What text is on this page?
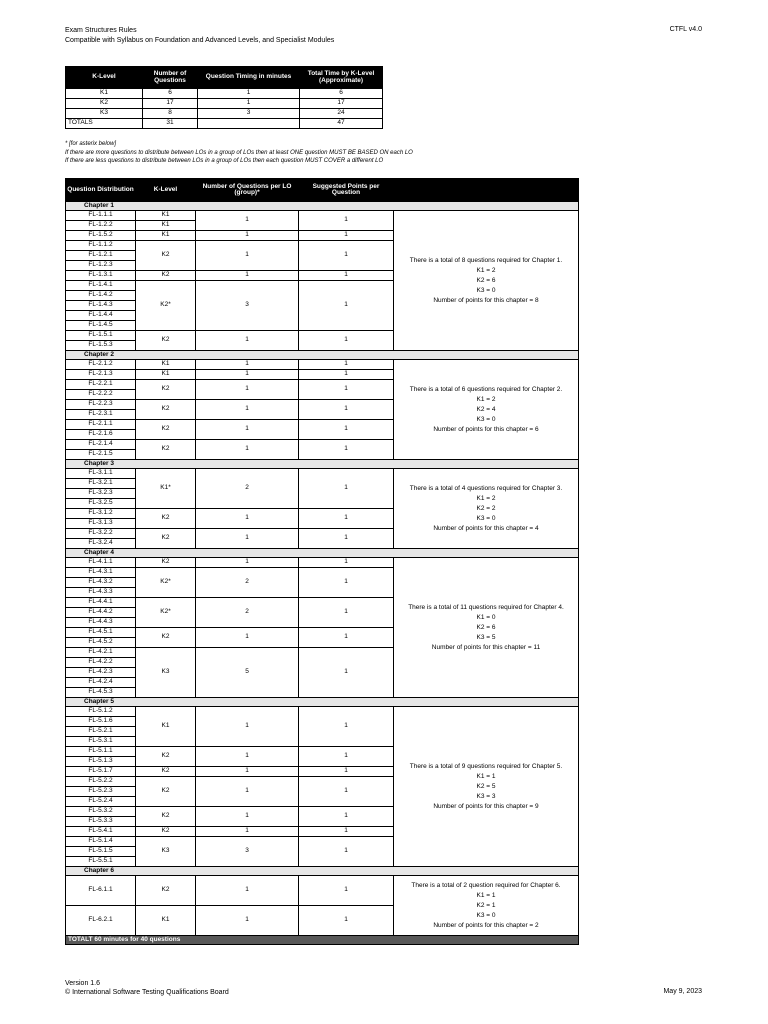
Exam Structures Rules
Compatible with Syllabus on Foundation and Advanced Levels, and Specialist Modules
CTFL v4.0
K-Level	Number of Questions	Question Timing in minutes	Total Time by K-Level (Approximate)
K1	6	1	6
K2	17	1	17
K3	8	3	24
TOTALS	31		47
* [for asterix below]
If there are more questions to distribute between LOs in a group of LOs then at least ONE question MUST BE BASED ON each LO
If there are less questions to distribute between LOs in a group of LOs then each question MUST COVER a different LO
Question Distribution	K-Level	Number of Questions per LO (group)*	Suggested Points per Question	
Chapter 1				
FL-1.1.1	K1	1	1	There is a total of 8 questions required for Chapter 1.
K1 = 2
K2 = 6
K3 = 0
Number of points for this chapter = 8

FL-1.2.2	K1			
FL-1.5.2	K1	1	1	
FL-1.1.2	K2	1	1	
FL-1.2.1				
FL-1.2.3				
FL-1.3.1	K2	1	1	
FL-1.4.1	K2*	3	1	
FL-1.4.2				
FL-1.4.3				
FL-1.4.4				
FL-1.4.5				
FL-1.5.1	K2	1	1	
FL-1.5.3				
Chapter 2				
FL-2.1.2	K1	1	1	There is a total of 6 questions required for Chapter 2.
K1 = 2
K2 = 4
K3 = 0
Number of points for this chapter = 6

FL-2.1.3	K1	1	1	
FL-2.2.1	K2	1	1	
FL-2.2.2				
FL-2.2.3	K2	1	1	
FL-2.3.1				
FL-2.1.1	K2	1	1	
FL-2.1.6				
FL-2.1.4	K2	1	1	
FL-2.1.5				
Chapter 3				
FL-3.1.1	K1*	2	1	There is a total of 4 questions required for Chapter 3.
K1 = 2
K2 = 2
K3 = 0
Number of points for this chapter = 4

FL-3.2.1				
FL-3.2.3				
FL-3.2.5				
FL-3.1.2	K2	1	1	
FL-3.1.3				
FL-3.2.2	K2	1	1	
FL-3.2.4				
Chapter 4				
FL-4.1.1	K2	1	1	There is a total of 11 questions required for Chapter 4.
K1 = 0
K2 = 6
K3 = 5
Number of points for this chapter = 11

FL-4.3.1	K2*	2	1	
FL-4.3.2				
FL-4.3.3				
FL-4.4.1	K2*	2	1	
FL-4.4.2				
FL-4.4.3				
FL-4.5.1	K2	1	1	
FL-4.5.2				
FL-4.2.1	K3	5	1	
FL-4.2.2				
FL-4.2.3				
FL-4.2.4				
FL-4.5.3				
Chapter 5				
FL-5.1.2	K1	1	1	There is a total of 9 questions required for Chapter 5.
K1 = 1
K2 = 5
K3 = 3
Number of points for this chapter = 9

FL-5.1.6				
FL-5.2.1				
FL-5.3.1				
FL-5.1.1	K2	1	1	
FL-5.1.3				
FL-5.1.7	K2	1	1	
FL-5.2.2	K2	1	1	
FL-5.2.3				
FL-5.2.4				
FL-5.3.2	K2	1	1	
FL-5.3.3				
FL-5.4.1	K2	1	1	
FL-5.1.4	K3	3	1	
FL-5.1.5				
FL-5.5.1				
Chapter 6				
FL-6.1.1	K2	1	1	There is a total of 2 question required for Chapter 6.
K1 = 1
K2 = 1
K3 = 0
Number of points for this chapter = 2

FL-6.2.1	K1	1	1	
TOTALT 60 minutes for 40 questions				
Version 1.6
© International Software Testing Qualifications Board	May 9, 2023
